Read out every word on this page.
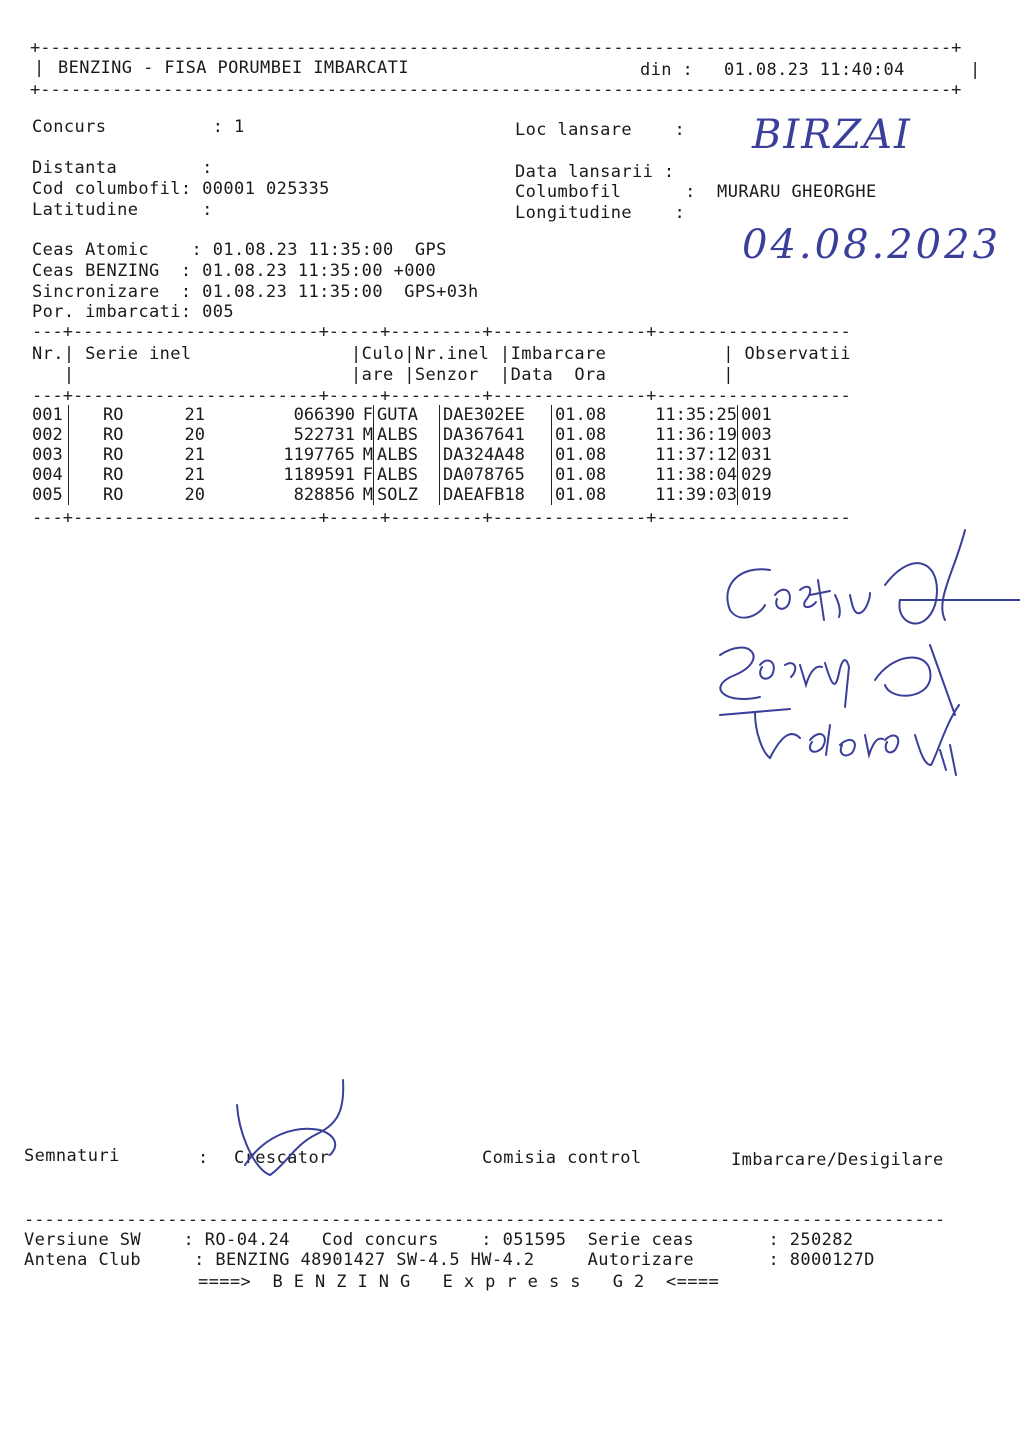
+-----------------------------------------------------------------------------------------+
| BENZING - FISA PORUMBEI IMBARCATI	din : 01.08.23 11:40:04	|
+-----------------------------------------------------------------------------------------+
Concurs          : 1
Distanta        :
Cod columbofil: 00001 025335
Latitudine      :
Loc lansare    :
Data lansarii :
Columbofil      :  MURARU GHEORGHE
Longitudine    :
BIRZAI
04.08.2023
Ceas Atomic    : 01.08.23 11:35:00  GPS
Ceas BENZING  : 01.08.23 11:35:00 +000
Sincronizare  : 01.08.23 11:35:00  GPS+03h
Por. imbarcati: 005
---+------------------------+-----+---------+---------------+-------------------
Nr.| Serie inel               |Culo|Nr.inel |Imbarcare           | Observatii
|                          |are |Senzor  |Data  Ora           |
---+------------------------+-----+---------+---------------+-------------------
001	RO	21	066390	F	GUTA	DAE302EE	01.08	11:35:25	001
002	RO	20	522731	M	ALBS	DA367641	01.08	11:36:19	003
003	RO	21	1197765	M	ALBS	DA324A48	01.08	11:37:12	031
004	RO	21	1189591	F	ALBS	DA078765	01.08	11:38:04	029
005	RO	20	828856	M	SOLZ	DAEAFB18	01.08	11:39:03	019
---+------------------------+-----+---------+---------------+-------------------
Semnaturi	: Crescator	Comisia control	Imbarcare/Desigilare
------------------------------------------------------------------------------------------
Versiune SW    : RO-04.24   Cod concurs    : 051595  Serie ceas       : 250282
Antena Club     : BENZING 48901427 SW-4.5 HW-4.2     Autorizare       : 8000127D
====>  B E N Z I N G   E x p r e s s   G 2  <====
